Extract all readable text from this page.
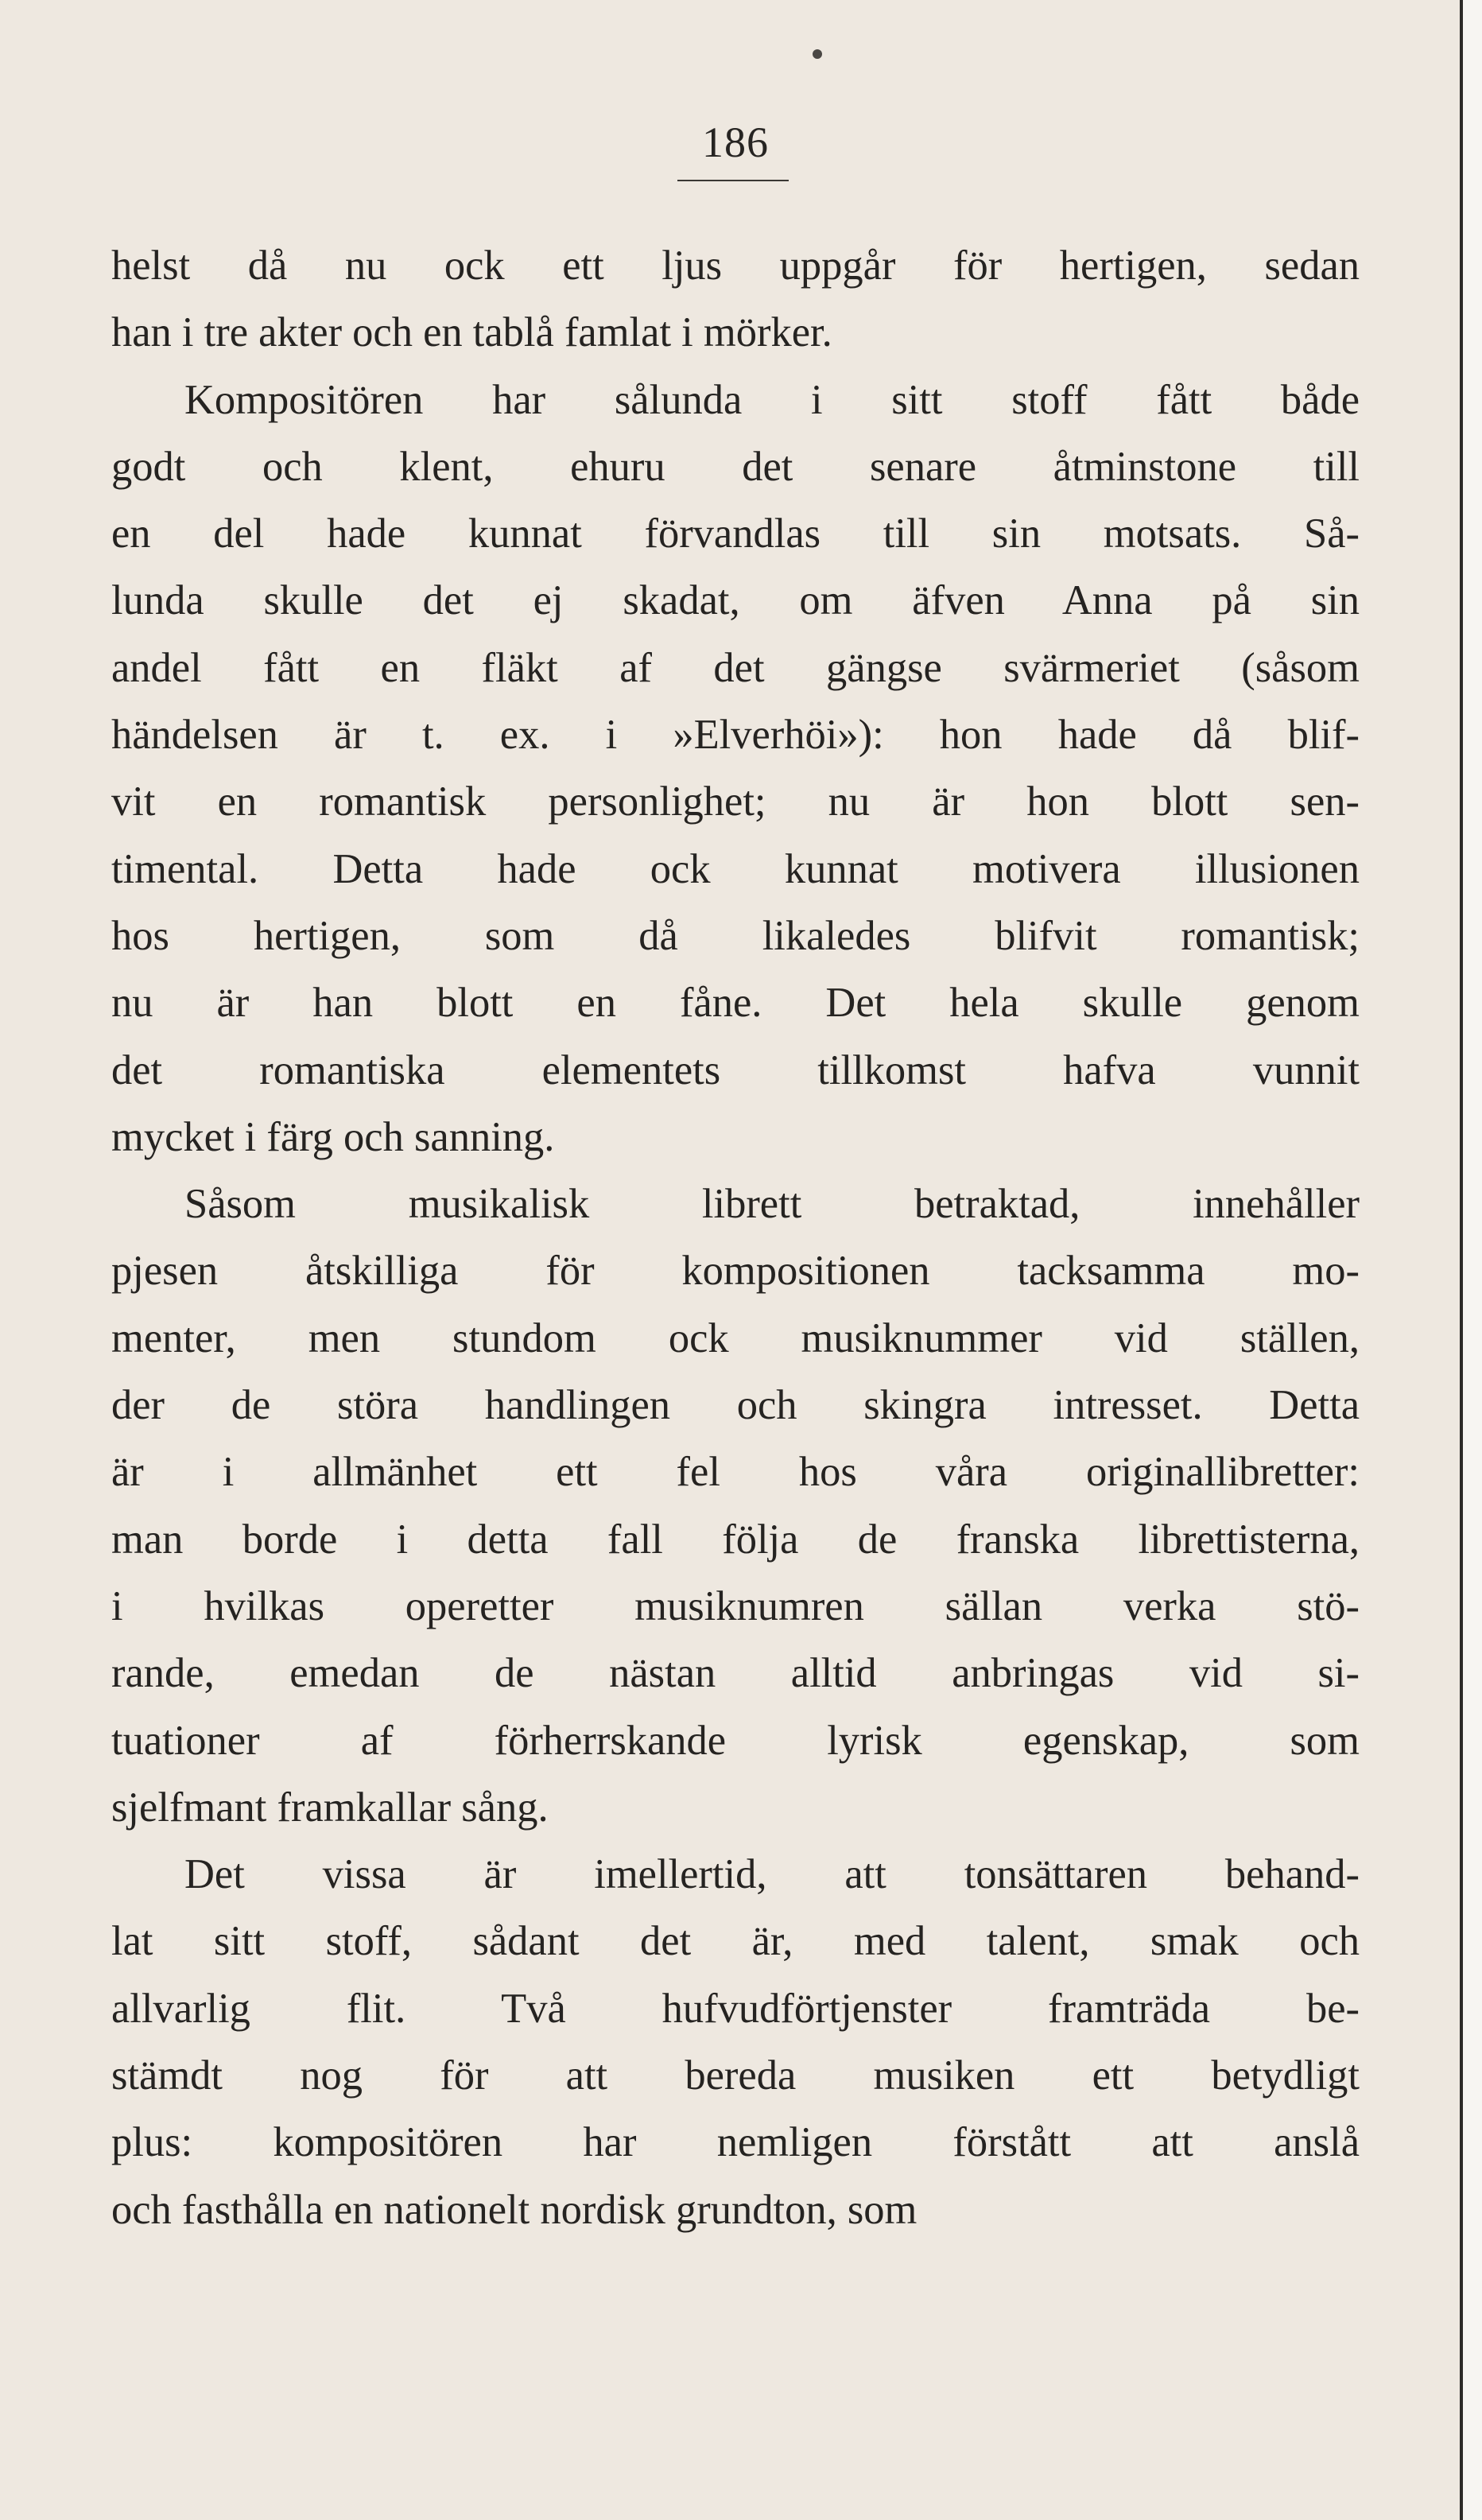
186
helst då nu ock ett ljus uppgår för hertigen, sedan
han i tre akter och en tablå famlat i mörker.
Kompositören har sålunda i sitt stoff fått både
godt och klent, ehuru det senare åtminstone till
en del hade kunnat förvandlas till sin motsats. Så-
lunda skulle det ej skadat, om äfven Anna på sin
andel fått en fläkt af det gängse svärmeriet (såsom
händelsen är t. ex. i »Elverhöi»): hon hade då blif-
vit en romantisk personlighet; nu är hon blott sen-
timental. Detta hade ock kunnat motivera illusionen
hos hertigen, som då likaledes blifvit romantisk;
nu är han blott en fåne. Det hela skulle genom
det romantiska elementets tillkomst hafva vunnit
mycket i färg och sanning.
Såsom musikalisk librett betraktad, innehåller
pjesen åtskilliga för kompositionen tacksamma mo-
menter, men stundom ock musiknummer vid ställen,
der de störa handlingen och skingra intresset. Detta
är i allmänhet ett fel hos våra originallibretter:
man borde i detta fall följa de franska librettisterna,
i hvilkas operetter musiknumren sällan verka stö-
rande, emedan de nästan alltid anbringas vid si-
tuationer af förherrskande lyrisk egenskap, som
sjelfmant framkallar sång.
Det vissa är imellertid, att tonsättaren behand-
lat sitt stoff, sådant det är, med talent, smak och
allvarlig flit. Två hufvudförtjenster framträda be-
stämdt nog för att bereda musiken ett betydligt
plus: kompositören har nemligen förstått att anslå
och fasthålla en nationelt nordisk grundton, som
